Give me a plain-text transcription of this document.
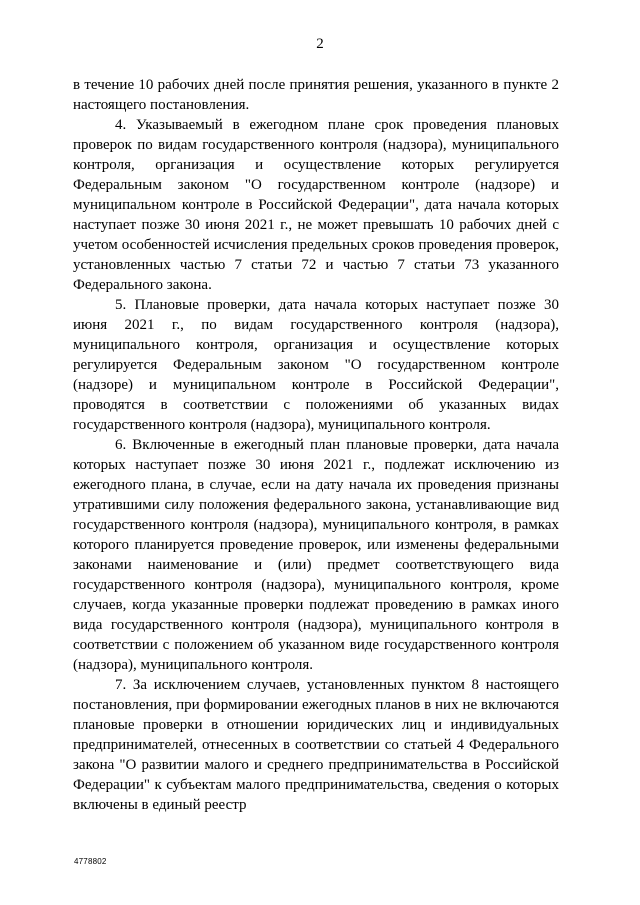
2

в течение 10 рабочих дней после принятия решения, указанного в пункте 2 настоящего постановления.

4. Указываемый в ежегодном плане срок проведения плановых проверок по видам государственного контроля (надзора), муниципального контроля, организация и осуществление которых регулируется Федеральным законом "О государственном контроле (надзоре) и муниципальном контроле в Российской Федерации", дата начала которых наступает позже 30 июня 2021 г., не может превышать 10 рабочих дней с учетом особенностей исчисления предельных сроков проведения проверок, установленных частью 7 статьи 72 и частью 7 статьи 73 указанного Федерального закона.

5. Плановые проверки, дата начала которых наступает позже 30 июня 2021 г., по видам государственного контроля (надзора), муниципального контроля, организация и осуществление которых регулируется Федеральным законом "О государственном контроле (надзоре) и муниципальном контроле в Российской Федерации", проводятся в соответствии с положениями об указанных видах государственного контроля (надзора), муниципального контроля.

6. Включенные в ежегодный план плановые проверки, дата начала которых наступает позже 30 июня 2021 г., подлежат исключению из ежегодного плана, в случае, если на дату начала их проведения признаны утратившими силу положения федерального закона, устанавливающие вид государственного контроля (надзора), муниципального контроля, в рамках которого планируется проведение проверок, или изменены федеральными законами наименование и (или) предмет соответствующего вида государственного контроля (надзора), муниципального контроля, кроме случаев, когда указанные проверки подлежат проведению в рамках иного вида государственного контроля (надзора), муниципального контроля в соответствии с положением об указанном виде государственного контроля (надзора), муниципального контроля.

7. За исключением случаев, установленных пунктом 8 настоящего постановления, при формировании ежегодных планов в них не включаются плановые проверки в отношении юридических лиц и индивидуальных предпринимателей, отнесенных в соответствии со статьей 4 Федерального закона "О развитии малого и среднего предпринимательства в Российской Федерации" к субъектам малого предпринимательства, сведения о которых включены в единый реестр

4778802
